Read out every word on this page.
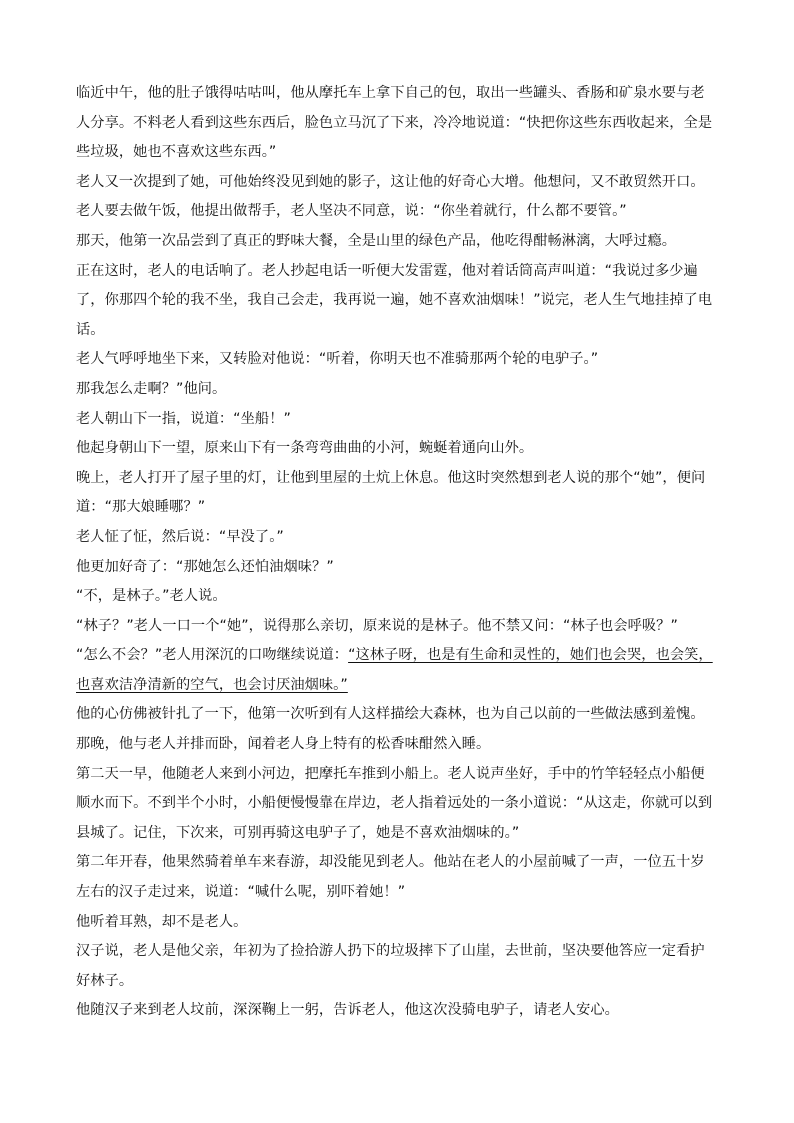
临近中午，他的肚子饿得咕咕叫，他从摩托车上拿下自己的包，取出一些罐头、香肠和矿泉水要与老人分享。不料老人看到这些东西后，脸色立马沉了下来，冷冷地说道：“快把你这些东西收起来，全是些垃圾，她也不喜欢这些东西。”

老人又一次提到了她，可他始终没见到她的影子，这让他的好奇心大增。他想问，又不敢贸然开口。

老人要去做午饭，他提出做帮手，老人坚决不同意，说：“你坐着就行，什么都不要管。”

那天，他第一次品尝到了真正的野味大餐，全是山里的绿色产品，他吃得酣畅淋漓，大呼过瘾。

正在这时，老人的电话响了。老人抄起电话一听便大发雷霆，他对着话筒高声叫道：“我说过多少遍了，你那四个轮的我不坐，我自己会走，我再说一遍，她不喜欢油烟味！”说完，老人生气地挂掉了电话。

老人气呼呼地坐下来，又转脸对他说：“听着，你明天也不准骑那两个轮的电驴子。”

那我怎么走啊？”他问。

老人朝山下一指，说道：“坐船！”

他起身朝山下一望，原来山下有一条弯弯曲曲的小河，蜿蜒着通向山外。

晚上，老人打开了屋子里的灯，让他到里屋的土炕上休息。他这时突然想到老人说的那个“她”，便问道：“那大娘睡哪？”

老人怔了怔，然后说：“早没了。”

他更加好奇了：“那她怎么还怕油烟味？”

“不，是林子。”老人说。

“林子？”老人一口一个“她”，说得那么亲切，原来说的是林子。他不禁又问：“林子也会呼吸？”

“怎么不会？”老人用深沉的口吻继续说道：“这林子呀，也是有生命和灵性的，她们也会哭，也会笑，也喜欢洁净清新的空气，也会讨厌油烟味。”

他的心仿佛被针扎了一下，他第一次听到有人这样描绘大森林，也为自己以前的一些做法感到羞愧。那晚，他与老人并排而卧，闻着老人身上特有的松香味酣然入睡。

第二天一早，他随老人来到小河边，把摩托车推到小船上。老人说声坐好，手中的竹竿轻轻点小船便顺水而下。不到半个小时，小船便慢慢靠在岸边，老人指着远处的一条小道说：“从这走，你就可以到县城了。记住，下次来，可别再骑这电驴子了，她是不喜欢油烟味的。”

第二年开春，他果然骑着单车来春游，却没能见到老人。他站在老人的小屋前喊了一声，一位五十岁左右的汉子走过来，说道：“喊什么呢，别吓着她！”

他听着耳熟，却不是老人。

汉子说，老人是他父亲，年初为了捡拾游人扔下的垃圾摔下了山崖，去世前，坚决要他答应一定看护好林子。

他随汉子来到老人坟前，深深鞠上一躬，告诉老人，他这次没骑电驴子，请老人安心。
